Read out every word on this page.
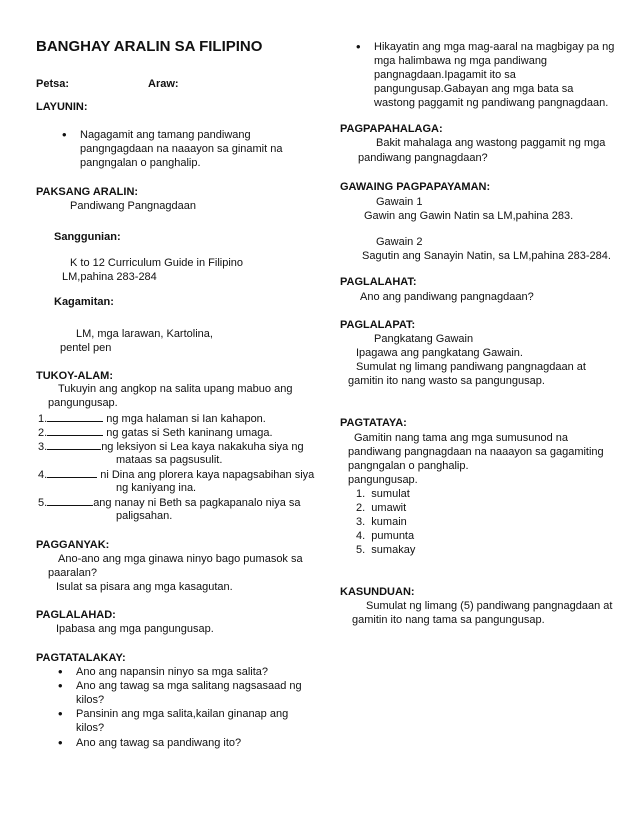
BANGHAY ARALIN SA FILIPINO
Petsa:	Araw:
LAYUNIN:
• Nagagamit ang tamang pandiwang
pangngagdaan na naaayon sa ginamit na
pangngalan o panghalip.
PAKSANG ARALIN:
Pandiwang Pangnagdaan
Sanggunian:
K to 12 Curriculum Guide in Filipino
LM,pahina 283-284
Kagamitan:
LM, mga larawan, Kartolina,
pentel pen
TUKOY-ALAM:
Tukuyin ang angkop na salita upang mabuo ang
pangungusap.
1.	ng mga halaman si Ian kahapon.
2.	ng gatas si Seth kaninang umaga.
3.	ng leksiyon si Lea kaya nakakuha siya ng
mataas sa pagsusulit.
4.	ni Dina ang plorera kaya napagsabihan siya
ng kaniyang ina.
5.	ang nanay ni Beth sa pagkapanalo niya sa
paligsahan.
PAGGANYAK:
Ano-ano ang mga ginawa ninyo bago pumasok sa
paaralan?
Isulat sa pisara ang mga kasagutan.
PAGLALAHAD:
Ipabasa ang mga pangungusap.
PAGTATALAKAY:
• Ano ang napansin ninyo sa mga salita?
• Ano ang tawag sa mga salitang nagsasaad ng
kilos?
• Pansinin ang mga salita,kailan ginanap ang
kilos?
• Ano ang tawag sa pandiwang ito?
• Hikayatin ang mga mag-aaral na magbigay pa ng
mga halimbawa ng mga pandiwang
pangnagdaan.Ipagamit ito sa
pangungusap.Gabayan ang mga bata sa
wastong paggamit ng pandiwang pangnagdaan.
PAGPAPAHALAGA:
Bakit mahalaga ang wastong paggamit ng mga
pandiwang pangnagdaan?
GAWAING PAGPAPAYAMAN:
Gawain 1
Gawin ang Gawin Natin sa LM,pahina 283.
Gawain 2
Sagutin ang Sanayin Natin, sa LM,pahina 283-284.
PAGLALAHAT:
Ano ang pandiwang pangnagdaan?
PAGLALAPAT:
Pangkatang Gawain
Ipagawa ang pangkatang Gawain.
Sumulat ng limang pandiwang pangnagdaan at
gamitin ito nang wasto sa pangungusap.
PAGTATAYA:
Gamitin nang tama ang mga sumusunod na
pandiwang pangnagdaan na naaayon sa gagamiting
pangngalan o panghalip.
pangungusap.
1.  sumulat
2.  umawit
3.  kumain
4.  pumunta
5.  sumakay
KASUNDUAN:
Sumulat ng limang (5) pandiwang pangnagdaan at
gamitin ito nang tama sa pangungusap.
